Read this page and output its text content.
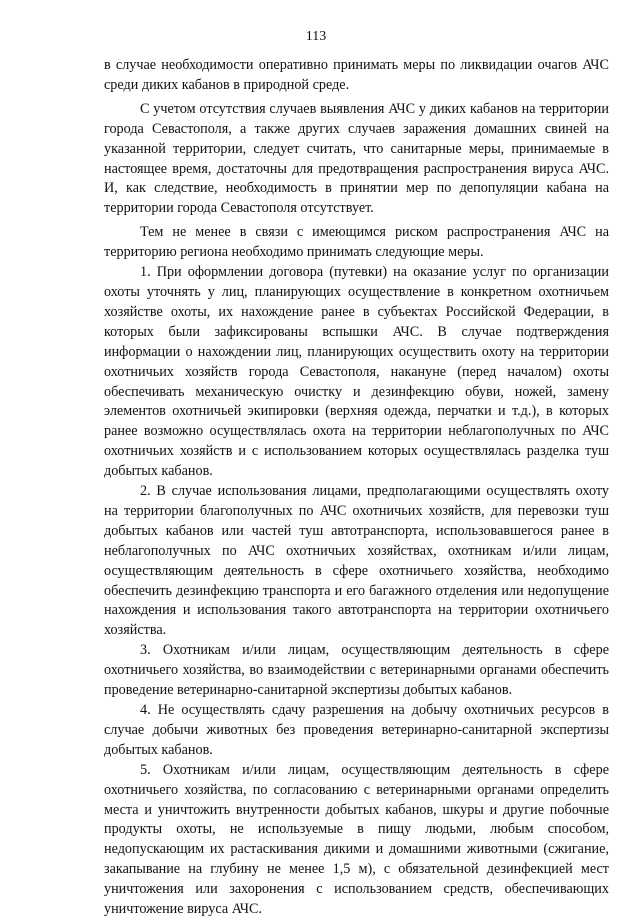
113

в случае необходимости оперативно принимать меры по ликвидации очагов АЧС среди диких кабанов в природной среде.

С учетом отсутствия случаев выявления АЧС у диких кабанов на территории города Севастополя, а также других случаев заражения домашних свиней на указанной территории, следует считать, что санитарные меры, принимаемые в настоящее время, достаточны для предотвращения распространения вируса АЧС. И, как следствие, необходимость в принятии мер по депопуляции кабана на территории города Севастополя отсутствует.

Тем не менее в связи с имеющимся риском распространения АЧС на территорию региона необходимо принимать следующие меры.

1. При оформлении договора (путевки) на оказание услуг по организации охоты уточнять у лиц, планирующих осуществление в конкретном охотничьем хозяйстве охоты, их нахождение ранее в субъектах Российской Федерации, в которых были зафиксированы вспышки АЧС. В случае подтверждения информации о нахождении лиц, планирующих осуществить охоту на территории охотничьих хозяйств города Севастополя, накануне (перед началом) охоты обеспечивать механическую очистку и дезинфекцию обуви, ножей, замену элементов охотничьей экипировки (верхняя одежда, перчатки и т.д.), в которых ранее возможно осуществлялась охота на территории неблагополучных по АЧС охотничьих хозяйств и с использованием которых осуществлялась разделка туш добытых кабанов.

2. В случае использования лицами, предполагающими осуществлять охоту на территории благополучных по АЧС охотничьих хозяйств, для перевозки туш добытых кабанов или частей туш автотранспорта, использовавшегося ранее в неблагополучных по АЧС охотничьих хозяйствах, охотникам и/или лицам, осуществляющим деятельность в сфере охотничьего хозяйства, необходимо обеспечить дезинфекцию транспорта и его багажного отделения или недопущение нахождения и использования такого автотранспорта на территории охотничьего хозяйства.

3. Охотникам и/или лицам, осуществляющим деятельность в сфере охотничьего хозяйства, во взаимодействии с ветеринарными органами обеспечить проведение ветеринарно-санитарной экспертизы добытых кабанов.

4. Не осуществлять сдачу разрешения на добычу охотничьих ресурсов в случае добычи животных без проведения ветеринарно-санитарной экспертизы добытых кабанов.

5. Охотникам и/или лицам, осуществляющим деятельность в сфере охотничьего хозяйства, по согласованию с ветеринарными органами определить места и уничтожить внутренности добытых кабанов, шкуры и другие побочные продукты охоты, не используемые в пищу людьми, любым способом, недопускающим их растаскивания дикими и домашними животными (сжигание, закапывание на глубину не менее 1,5 м), с обязательной дезинфекцией мест уничтожения или захоронения с использованием средств, обеспечивающих уничтожение вируса АЧС.
